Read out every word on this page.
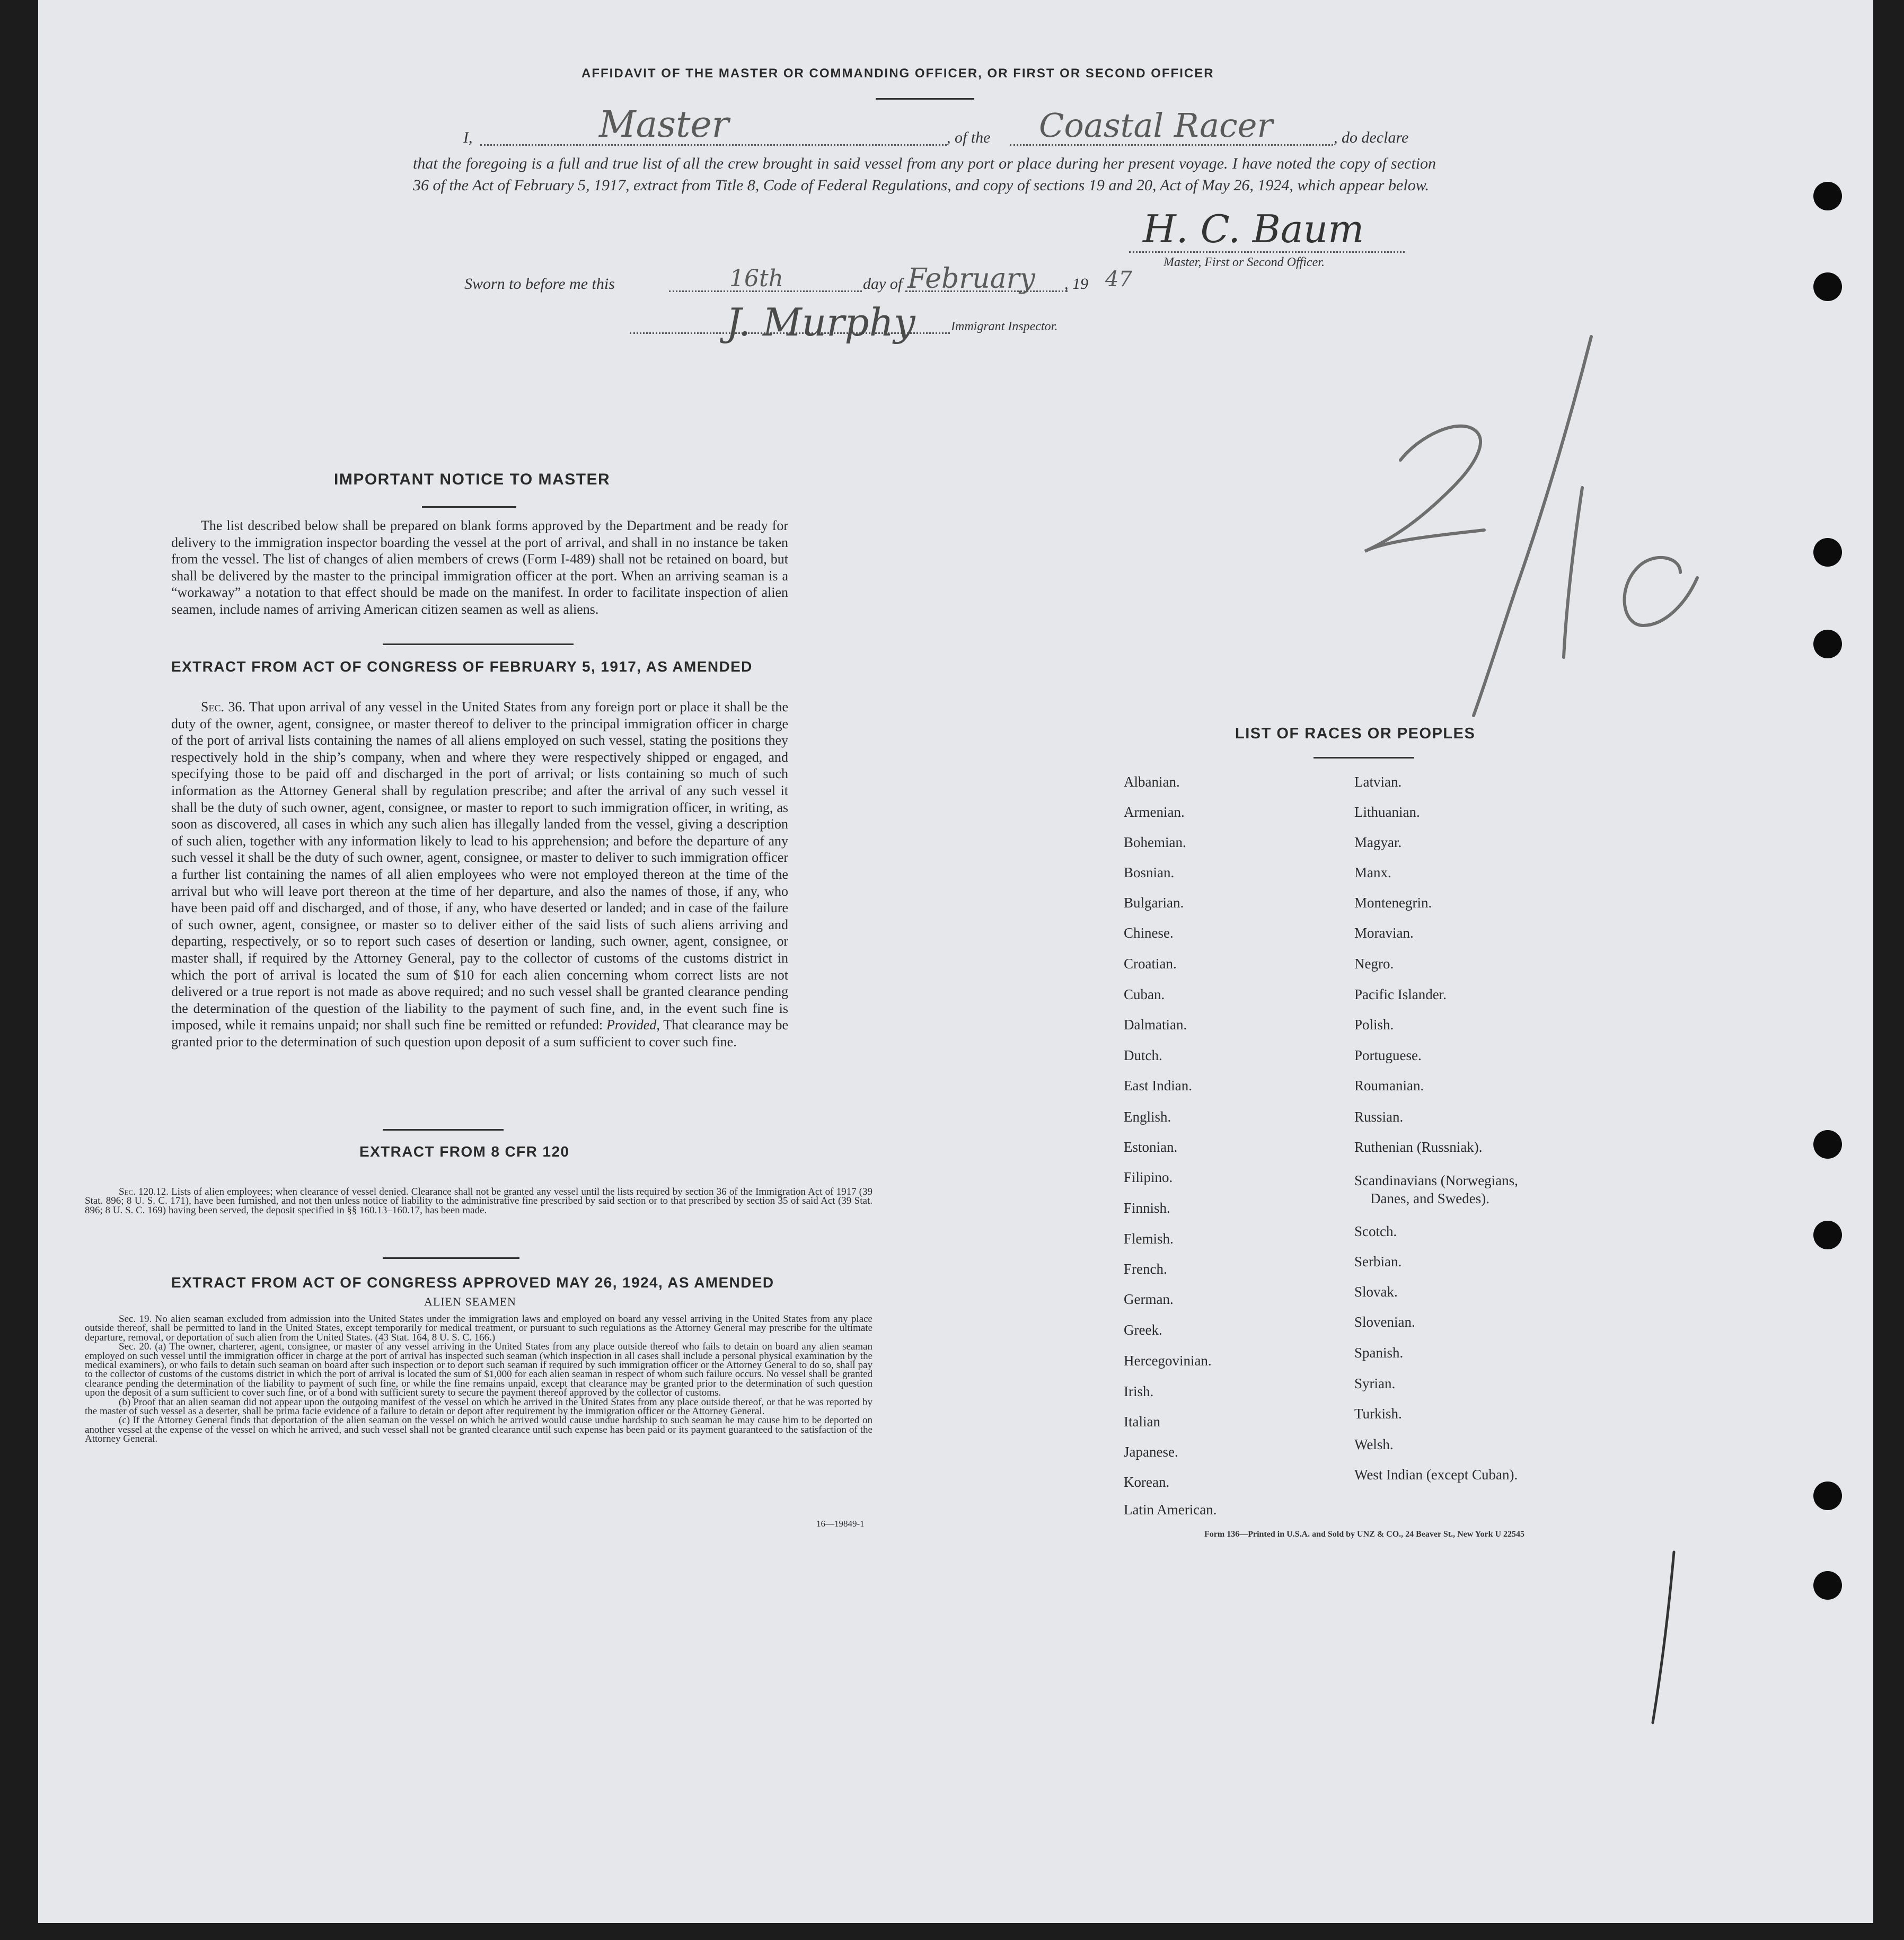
AFFIDAVIT OF THE MASTER OR COMMANDING OFFICER, OR FIRST OR SECOND OFFICER
I,	Master	, of the Coastal Racer	, do declare
that the foregoing is a full and true list of all the crew brought in said vessel from any port or place during her present voyage. I have noted the copy of section 36 of the Act of February 5, 1917, extract from Title 8, Code of Federal Regulations, and copy of sections 19 and 20, Act of May 26, 1924, which appear below.
H. C. Baum
Master, First or Second Officer.
Sworn to before me this	16th	day of February , 19 47
J. Murphy	Immigrant Inspector.
IMPORTANT NOTICE TO MASTER

The list described below shall be prepared on blank forms approved by the Department and be ready for delivery to the immigration inspector boarding the vessel at the port of arrival, and shall in no instance be taken from the vessel. The list of changes of alien members of crews (Form I-489) shall not be retained on board, but shall be delivered by the master to the principal immigration officer at the port. When an arriving seaman is a “workaway” a notation to that effect should be made on the manifest. In order to facilitate inspection of alien seamen, include names of arriving American citizen seamen as well as aliens.

EXTRACT FROM ACT OF CONGRESS OF FEBRUARY 5, 1917, AS AMENDED

Sec. 36. That upon arrival of any vessel in the United States from any foreign port or place it shall be the duty of the owner, agent, consignee, or master thereof to deliver to the principal immigration officer in charge of the port of arrival lists containing the names of all aliens employed on such vessel, stating the positions they respectively hold in the ship’s company, when and where they were respectively shipped or engaged, and specifying those to be paid off and discharged in the port of arrival; or lists containing so much of such information as the Attorney General shall by regulation prescribe; and after the arrival of any such vessel it shall be the duty of such owner, agent, consignee, or master to report to such immigration officer, in writing, as soon as discovered, all cases in which any such alien has illegally landed from the vessel, giving a description of such alien, together with any information likely to lead to his apprehension; and before the departure of any such vessel it shall be the duty of such owner, agent, consignee, or master to deliver to such immigration officer a further list containing the names of all alien employees who were not employed thereon at the time of the arrival but who will leave port thereon at the time of her departure, and also the names of those, if any, who have been paid off and discharged, and of those, if any, who have deserted or landed; and in case of the failure of such owner, agent, consignee, or master so to deliver either of the said lists of such aliens arriving and departing, respectively, or so to report such cases of desertion or landing, such owner, agent, consignee, or master shall, if required by the Attorney General, pay to the collector of customs of the customs district in which the port of arrival is located the sum of $10 for each alien concerning whom correct lists are not delivered or a true report is not made as above required; and no such vessel shall be granted clearance pending the determination of the question of the liability to the payment of such fine, and, in the event such fine is imposed, while it remains unpaid; nor shall such fine be remitted or refunded: Provided, That clearance may be granted prior to the determination of such question upon deposit of a sum sufficient to cover such fine.

EXTRACT FROM 8 CFR 120

Sec. 120.12. Lists of alien employees; when clearance of vessel denied. Clearance shall not be granted any vessel until the lists required by section 36 of the Immigration Act of 1917 (39 Stat. 896; 8 U. S. C. 171), have been furnished, and not then unless notice of liability to the administrative fine prescribed by said section or to that prescribed by section 35 of said Act (39 Stat. 896; 8 U. S. C. 169) having been served, the deposit specified in §§ 160.13–160.17, has been made.

EXTRACT FROM ACT OF CONGRESS APPROVED MAY 26, 1924, AS AMENDED
ALIEN SEAMEN

Sec. 19. No alien seaman excluded from admission into the United States under the immigration laws and employed on board any vessel arriving in the United States from any place outside thereof, shall be permitted to land in the United States, except temporarily for medical treatment, or pursuant to such regulations as the Attorney General may prescribe for the ultimate departure, removal, or deportation of such alien from the United States. (43 Stat. 164, 8 U. S. C. 166.)

Sec. 20. (a) The owner, charterer, agent, consignee, or master of any vessel arriving in the United States from any place outside thereof who fails to detain on board any alien seaman employed on such vessel until the immigration officer in charge at the port of arrival has inspected such seaman (which inspection in all cases shall include a personal physical examination by the medical examiners), or who fails to detain such seaman on board after such inspection or to deport such seaman if required by such immigration officer or the Attorney General to do so, shall pay to the collector of customs of the customs district in which the port of arrival is located the sum of $1,000 for each alien seaman in respect of whom such failure occurs. No vessel shall be granted clearance pending the determination of the liability to payment of such fine, or while the fine remains unpaid, except that clearance may be granted prior to the determination of such question upon the deposit of a sum sufficient to cover such fine, or of a bond with sufficient surety to secure the payment thereof approved by the collector of customs.

(b) Proof that an alien seaman did not appear upon the outgoing manifest of the vessel on which he arrived in the United States from any place outside thereof, or that he was reported by the master of such vessel as a deserter, shall be prima facie evidence of a failure to detain or deport after requirement by the immigration officer or the Attorney General.

(c) If the Attorney General finds that deportation of the alien seaman on the vessel on which he arrived would cause undue hardship to such seaman he may cause him to be deported on another vessel at the expense of the vessel on which he arrived, and such vessel shall not be granted clearance until such expense has been paid or its payment guaranteed to the satisfaction of the Attorney General.

16—19849-1
LIST OF RACES OR PEOPLES
Albanian.
Armenian.
Bohemian.
Bosnian.
Bulgarian.
Chinese.
Croatian.
Cuban.
Dalmatian.
Dutch.
East Indian.
English.
Estonian.
Filipino.
Finnish.
Flemish.
French.
German.
Greek.
Hercegovinian.
Irish.
Italian
Japanese.
Korean.
Latin American.
Latvian.
Lithuanian.
Magyar.
Manx.
Montenegrin.
Moravian.
Negro.
Pacific Islander.
Polish.
Portuguese.
Roumanian.
Russian.
Ruthenian (Russniak).
Scandinavians (Norwegians,
Danes, and Swedes).
Scotch.
Serbian.
Slovak.
Slovenian.
Spanish.
Syrian.
Turkish.
Welsh.
West Indian (except Cuban).
Form 136—Printed in U.S.A. and Sold by UNZ & CO., 24 Beaver St., New York U 22545
